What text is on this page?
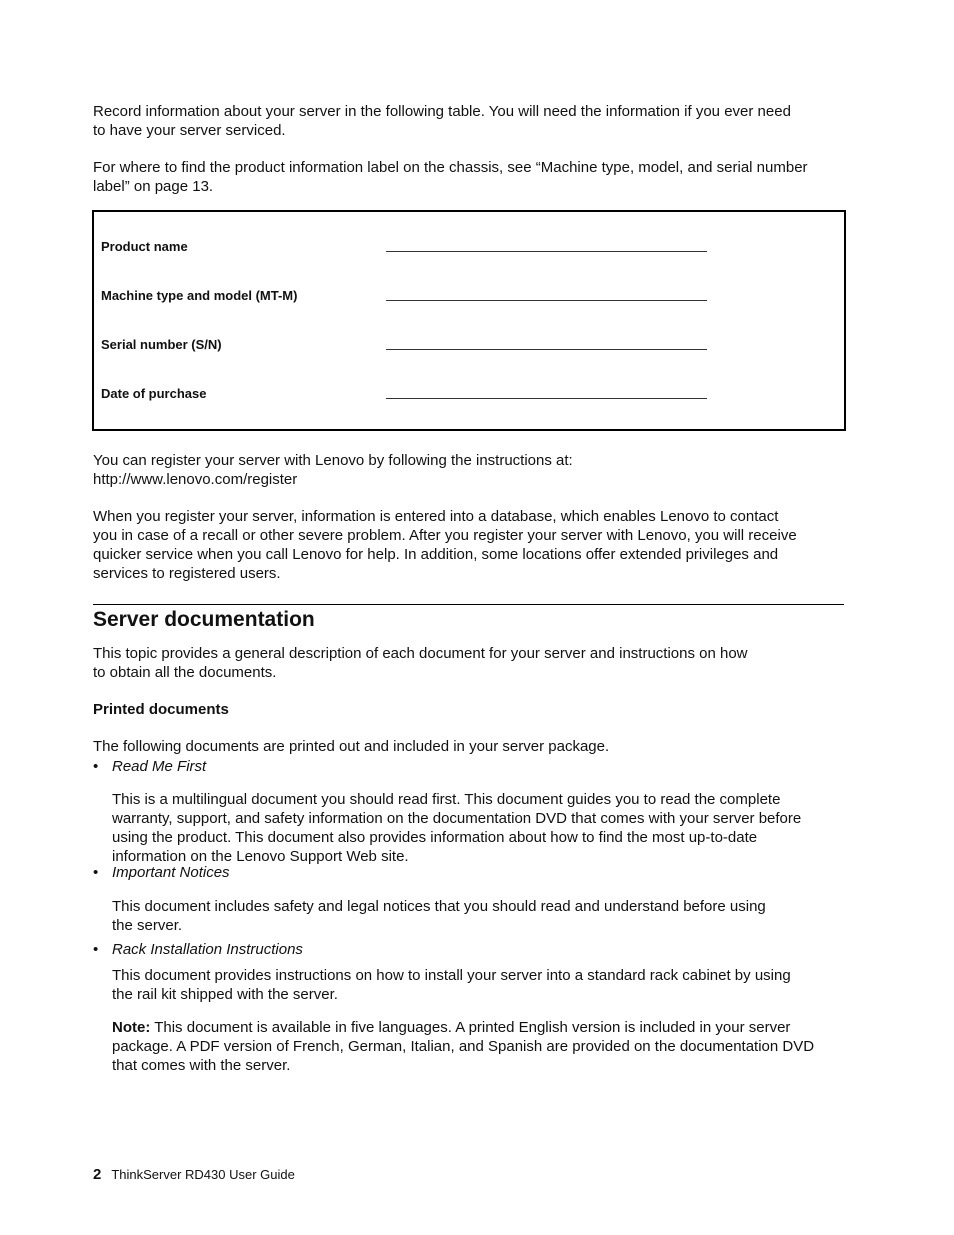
Record information about your server in the following table. You will need the information if you ever need
to have your server serviced.
For where to find the product information label on the chassis, see “Machine type, model, and serial number
label” on page 13.
Product name
Machine type and model (MT-M)
Serial number (S/N)
Date of purchase
You can register your server with Lenovo by following the instructions at:
http://www.lenovo.com/register
When you register your server, information is entered into a database, which enables Lenovo to contact
you in case of a recall or other severe problem. After you register your server with Lenovo, you will receive
quicker service when you call Lenovo for help. In addition, some locations offer extended privileges and
services to registered users.
Server documentation
This topic provides a general description of each document for your server and instructions on how
to obtain all the documents.
Printed documents
The following documents are printed out and included in your server package.
• Read Me First
This is a multilingual document you should read first. This document guides you to read the complete
warranty, support, and safety information on the documentation DVD that comes with your server before
using the product. This document also provides information about how to find the most up-to-date
information on the Lenovo Support Web site.
• Important Notices
This document includes safety and legal notices that you should read and understand before using
the server.
• Rack Installation Instructions
This document provides instructions on how to install your server into a standard rack cabinet by using
the rail kit shipped with the server.
Note: This document is available in five languages. A printed English version is included in your server
package. A PDF version of French, German, Italian, and Spanish are provided on the documentation DVD
that comes with the server.
2 ThinkServer RD430 User Guide
